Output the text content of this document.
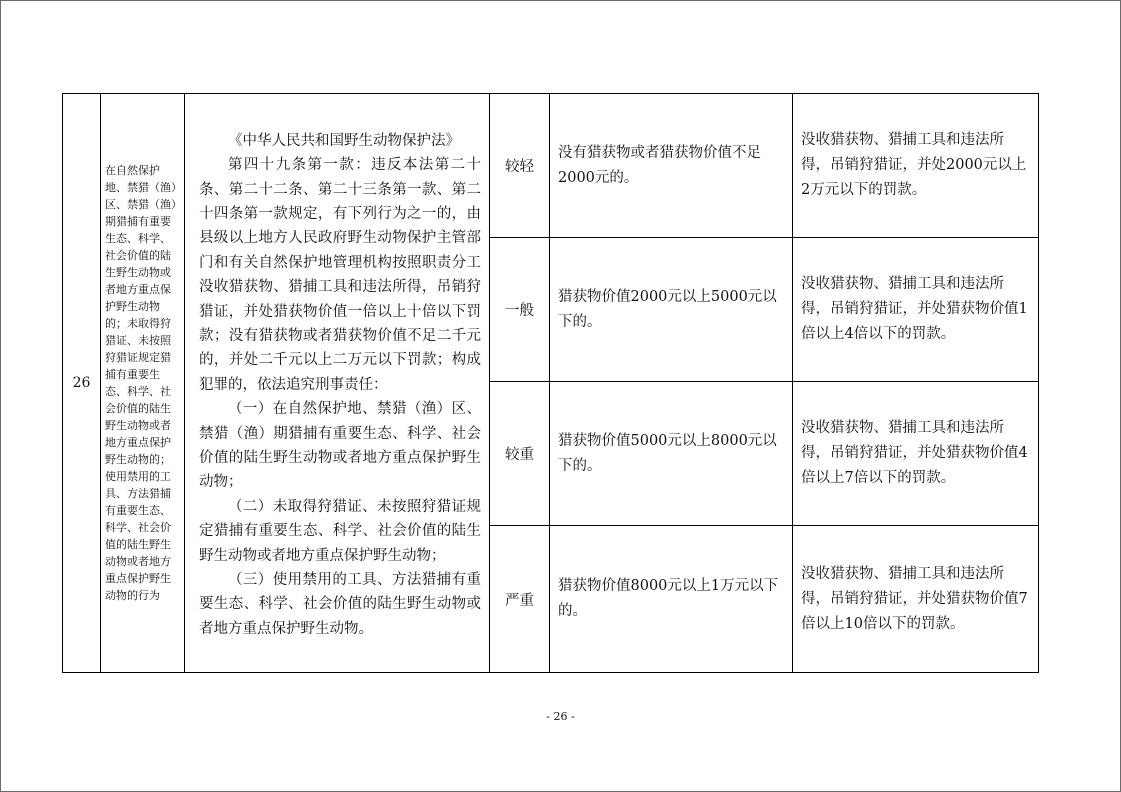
26	在自然保护地、禁猎（渔）区、禁猎（渔）期猎捕有重要生态、科学、社会价值的陆生野生动物或者地方重点保护野生动物的；未取得狩猎证、未按照狩猎证规定猎捕有重要生态、科学、社会价值的陆生野生动物或者地方重点保护野生动物的；使用禁用的工具、方法猎捕有重要生态、科学、社会价值的陆生野生动物或者地方重点保护野生动物的行为	《中华人民共和国野生动物保护法》

第四十九条第一款：违反本法第二十条、第二十二条、第二十三条第一款、第二十四条第一款规定，有下列行为之一的，由县级以上地方人民政府野生动物保护主管部门和有关自然保护地管理机构按照职责分工没收猎获物、猎捕工具和违法所得，吊销狩猎证，并处猎获物价值一倍以上十倍以下罚款；没有猎获物或者猎获物价值不足二千元的，并处二千元以上二万元以下罚款；构成犯罪的，依法追究刑事责任：

（一）在自然保护地、禁猎（渔）区、禁猎（渔）期猎捕有重要生态、科学、社会价值的陆生野生动物或者地方重点保护野生动物；

（二）未取得狩猎证、未按照狩猎证规定猎捕有重要生态、科学、社会价值的陆生野生动物或者地方重点保护野生动物；

（三）使用禁用的工具、方法猎捕有重要生态、科学、社会价值的陆生野生动物或者地方重点保护野生动物。	较轻	没有猎获物或者猎获物价值不足2000元的。	没收猎获物、猎捕工具和违法所得，吊销狩猎证，并处2000元以上2万元以下的罚款。
			一般	猎获物价值2000元以上5000元以下的。	没收猎获物、猎捕工具和违法所得，吊销狩猎证，并处猎获物价值1倍以上4倍以下的罚款。
			较重	猎获物价值5000元以上8000元以下的。	没收猎获物、猎捕工具和违法所得，吊销狩猎证，并处猎获物价值4倍以上7倍以下的罚款。
			严重	猎获物价值8000元以上1万元以下的。	没收猎获物、猎捕工具和违法所得，吊销狩猎证，并处猎获物价值7倍以上10倍以下的罚款。
- 26 -
